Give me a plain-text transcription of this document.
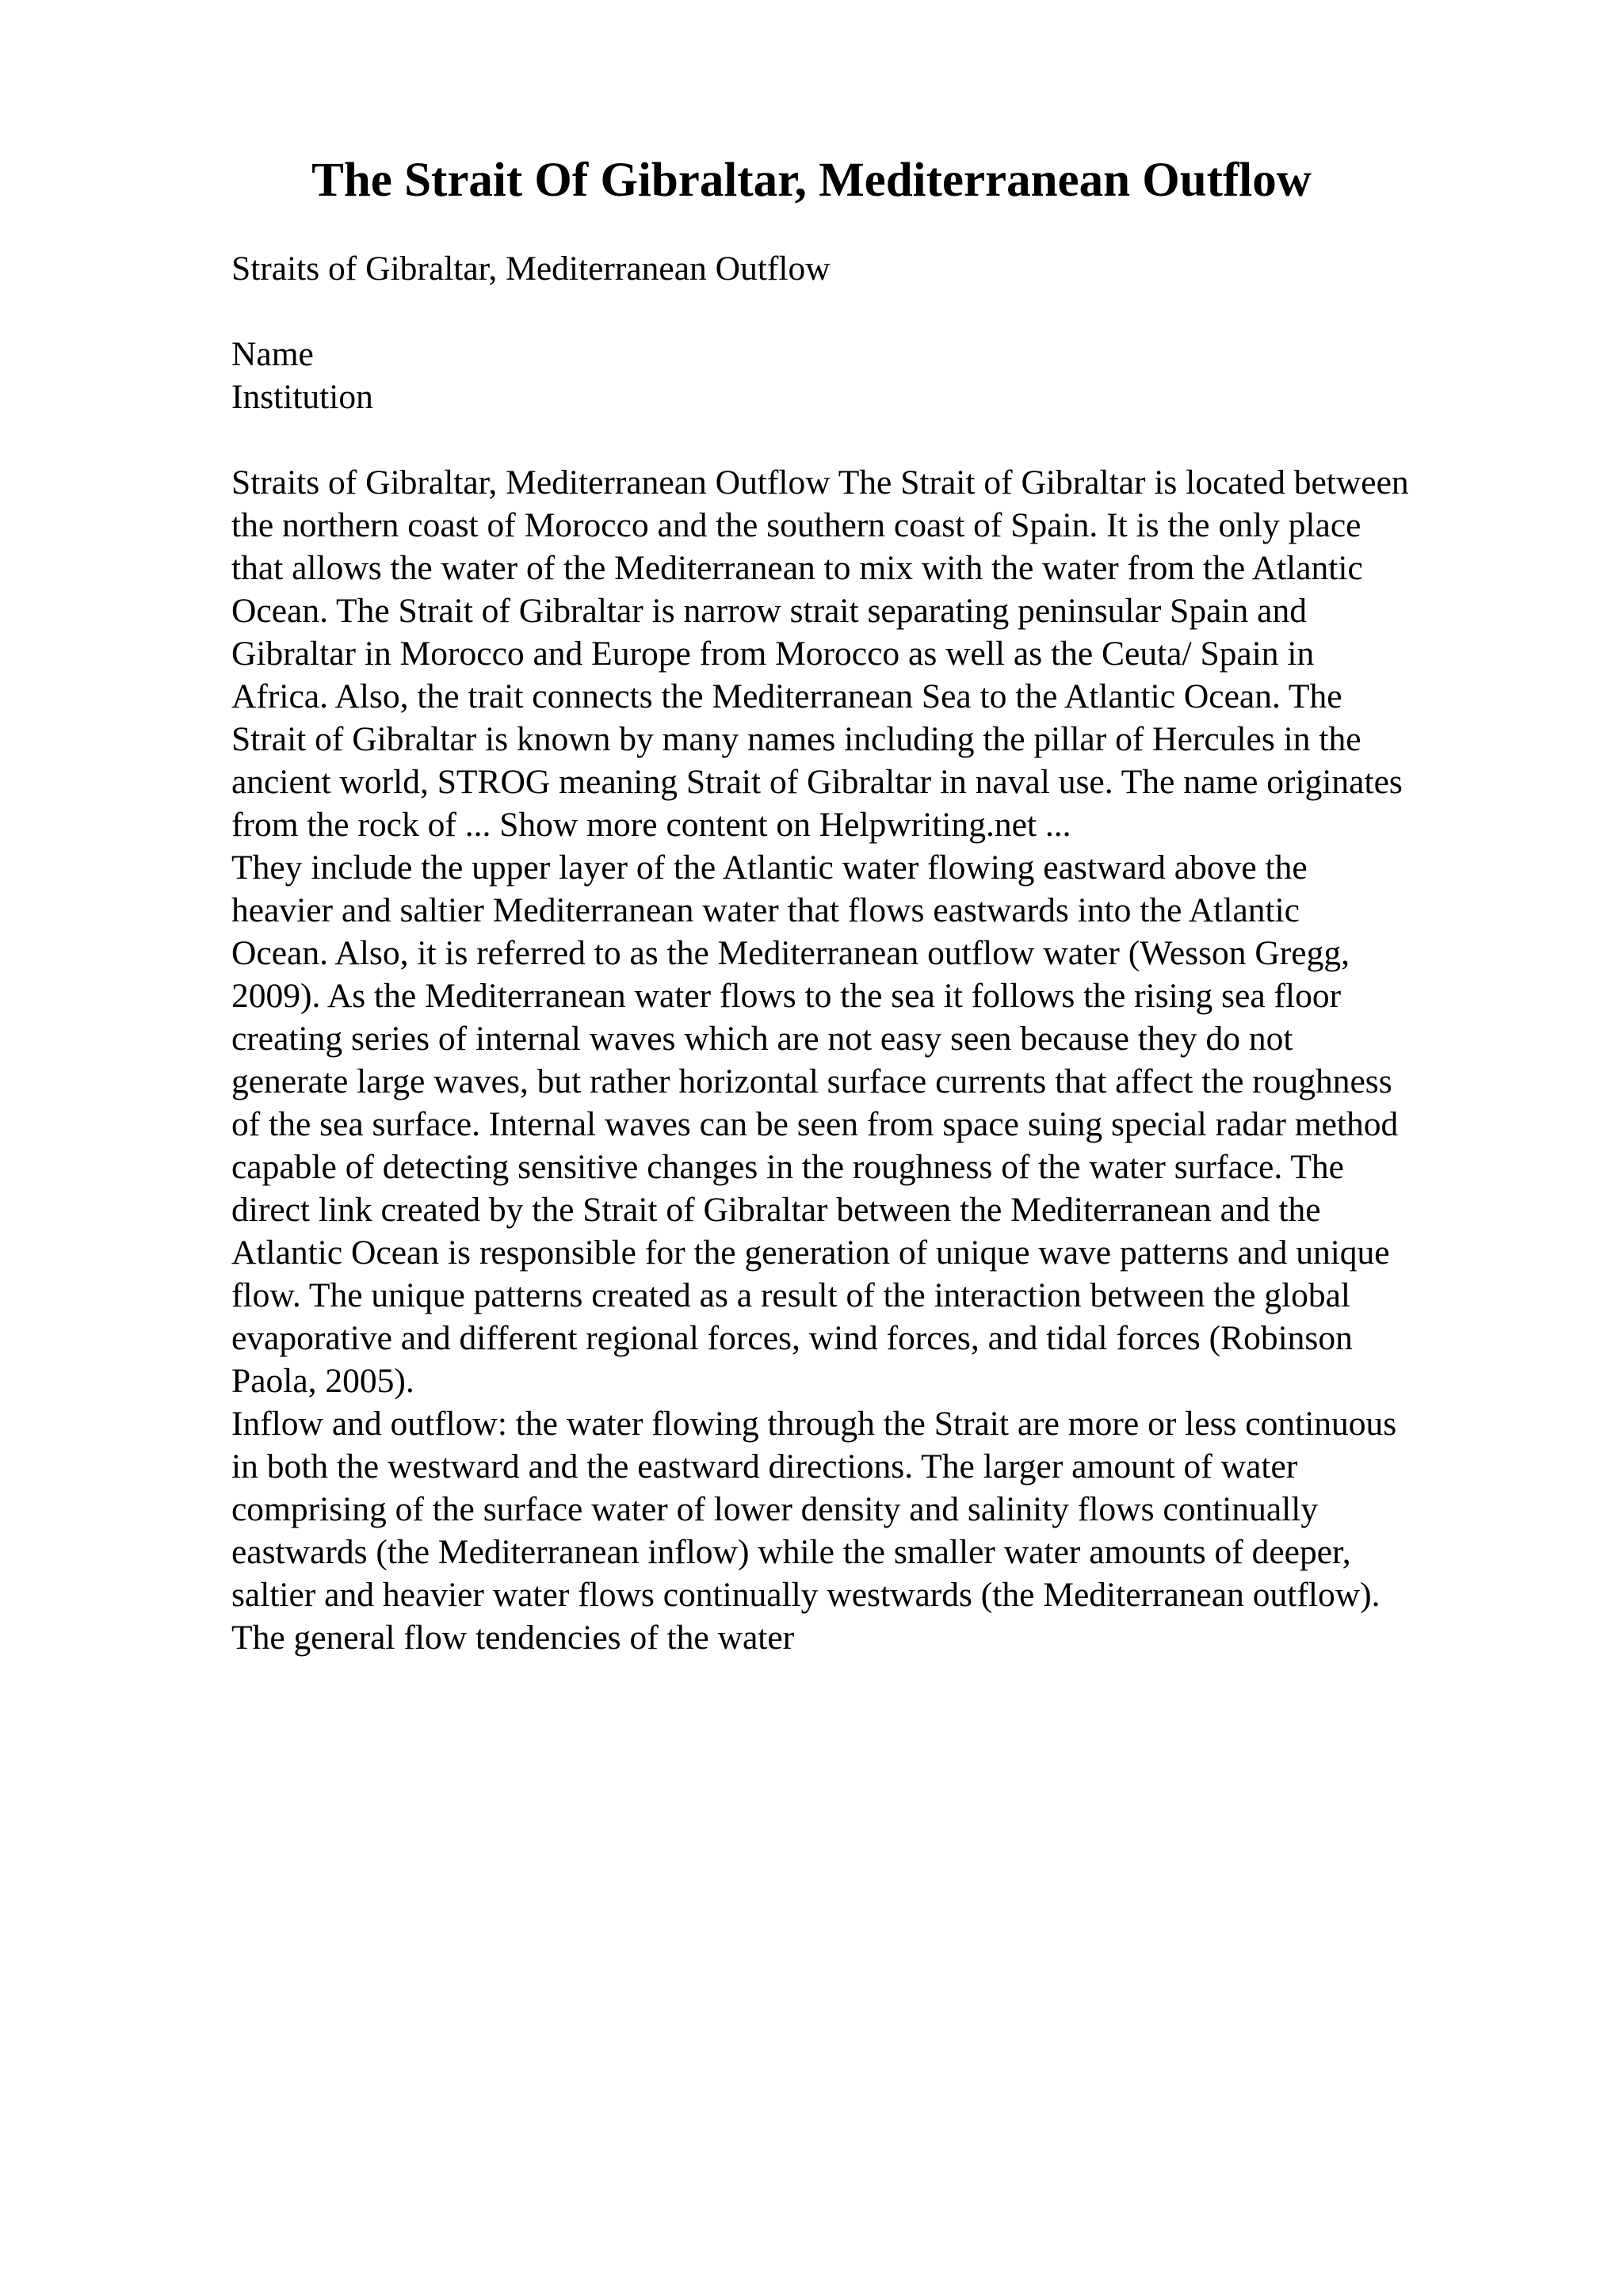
The Strait Of Gibraltar, Mediterranean Outflow
Straits of Gibraltar, Mediterranean Outflow
Name
Institution
Straits of Gibraltar, Mediterranean Outflow The Strait of Gibraltar is located between
the northern coast of Morocco and the southern coast of Spain. It is the only place
that allows the water of the Mediterranean to mix with the water from the Atlantic
Ocean. The Strait of Gibraltar is narrow strait separating peninsular Spain and
Gibraltar in Morocco and Europe from Morocco as well as the Ceuta/ Spain in
Africa. Also, the trait connects the Mediterranean Sea to the Atlantic Ocean. The
Strait of Gibraltar is known by many names including the pillar of Hercules in the
ancient world, STROG meaning Strait of Gibraltar in naval use. The name originates
from the rock of ... Show more content on Helpwriting.net ...
They include the upper layer of the Atlantic water flowing eastward above the
heavier and saltier Mediterranean water that flows eastwards into the Atlantic
Ocean. Also, it is referred to as the Mediterranean outflow water (Wesson Gregg,
2009). As the Mediterranean water flows to the sea it follows the rising sea floor
creating series of internal waves which are not easy seen because they do not
generate large waves, but rather horizontal surface currents that affect the roughness
of the sea surface. Internal waves can be seen from space suing special radar method
capable of detecting sensitive changes in the roughness of the water surface. The
direct link created by the Strait of Gibraltar between the Mediterranean and the
Atlantic Ocean is responsible for the generation of unique wave patterns and unique
flow. The unique patterns created as a result of the interaction between the global
evaporative and different regional forces, wind forces, and tidal forces (Robinson
Paola, 2005).
Inflow and outflow: the water flowing through the Strait are more or less continuous
in both the westward and the eastward directions. The larger amount of water
comprising of the surface water of lower density and salinity flows continually
eastwards (the Mediterranean inflow) while the smaller water amounts of deeper,
saltier and heavier water flows continually westwards (the Mediterranean outflow).
The general flow tendencies of the water
